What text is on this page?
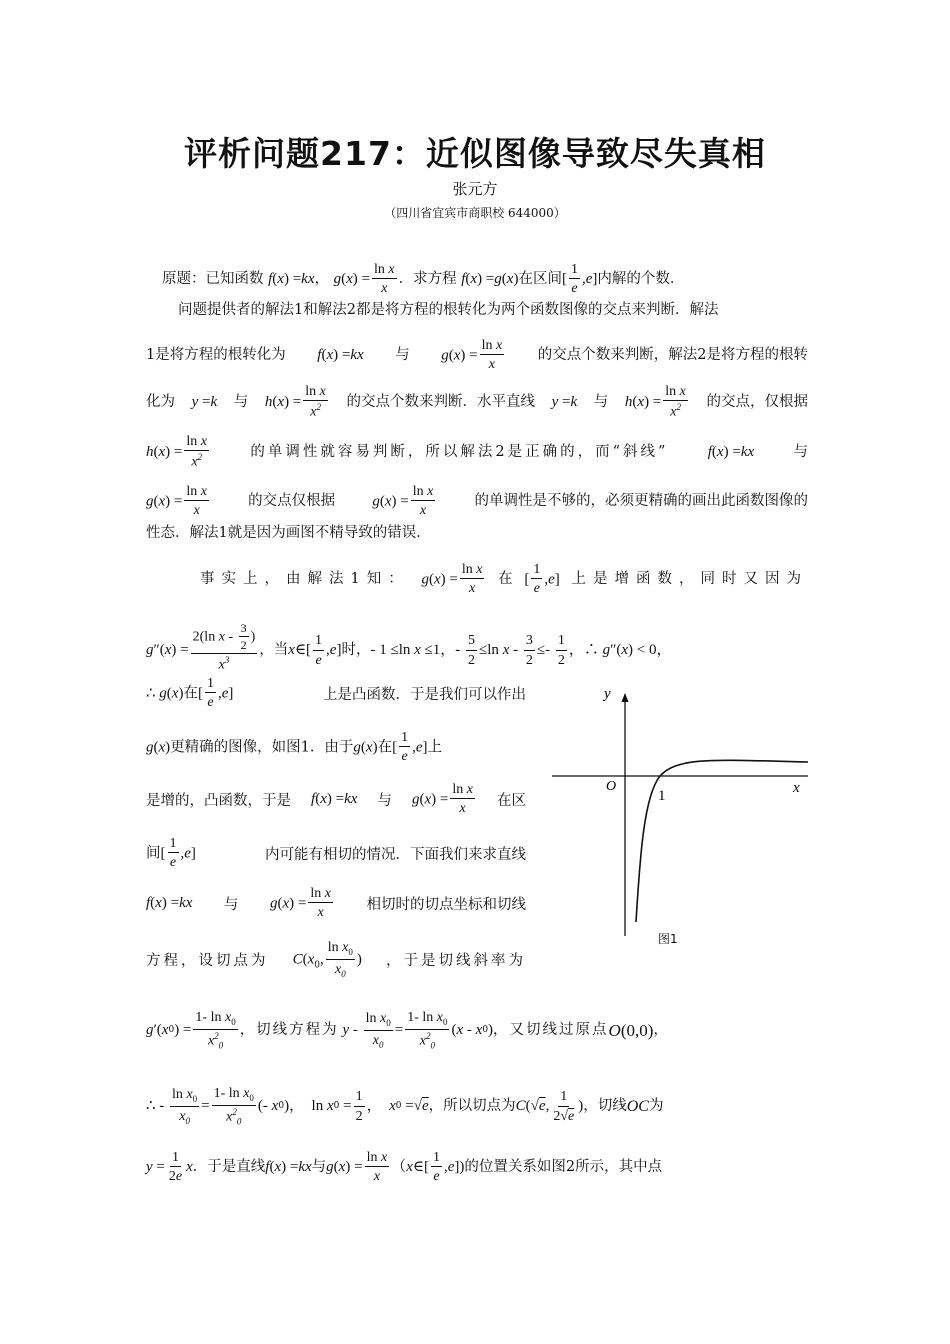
评析问题217：近似图像导致尽失真相
张元方
（四川省宜宾市商职校 644000）
原题：已知函数 f ( x ) = kx ， g ( x ) = $\frac{\text{ln x}}{x}$ ．求方程 f ( x ) = g ( x ) 在区间 [ $\frac{1}{e}$ , e ] 内解的个数．
问题提供者的解法1和解法2都是将方程的根转化为两个函数图像的交点来判断．解法
1是将方程的根转化为 f(x) =kx 与 $g(x) = \frac{\text{ln x}}{x}$ 的交点个数来判断，解法2是将方程的根转
化为 y =k 与 $h(x) = \frac{\text{ln x}}{x^2}$ 的交点个数来判断．水平直线 y =k 与 $h(x) = \frac{\text{ln x}}{x^2}$ 的交点，仅根据
$h(x) = \frac{\text{ln x}}{x^2}$	的单调性就容易判断，所以解法2是正确的，而“斜线”	f(x) =kx	与
$g(x) = \frac{\text{ln x}}{x}$	的交点仅根据 $g(x) = \frac{\text{ln x}}{x}$	的单调性是不够的，必须更精确的画出此函数图像的
性态．解法1就是因为画图不精导致的错误．
事实上，由解法1知： $g(x) = \frac{\text{ln x}}{x}$ 在 [ $\frac{1}{e} ,e$] 上是增函数，同时又因为
$g''(x) = \frac{2(\ln x - \frac{3}{2} )}{x^3}$ ，当 x ∈[ $\frac{1}{e}$ , e ] 时， - 1 ≤ln x ≤1，- $\frac{5}{2} \le\ln$ $x - \frac{3}{2} \le- \frac{1}{2}$ ，∴ g ″( x ) < 0，
∴ g(x)在[ $\frac{1}{e} ,e$]	上是凸函数．于是我们可以作出
g(x)更精确的图像，如图1．由于g(x)在[ $\frac{1}{e} ,e$]上
是增的，凸函数，于是 f(x) =kx 与 $g(x) = \frac{\text{ln x}}{x}$ 在区
间[ $\frac{1}{e} ,e$]	内可能有相切的情况．下面我们来求直线
f(x) =kx 与 $g(x) = \frac{\text{ln x}}{x}$ 相切时的切点坐标和切线
方程，设切点为 $C(x_0$, $\frac{\ln x_0}{x_0}$ ) ，于是切线斜率为
y
x
O
1
图1
g ′( x 0 ) = $\frac{1- \ln x_0}{x^2_0}$ ，切线方程为 $y - \frac{\ln x_0}{x_0} = \frac{1- \ln x_0}{x^2_0}$ ( x - x 0 ) ，又切线过原点 O (0,0) ，
∴ - $\frac{\ln x_0}{x_0} = \frac{1- \ln x_0}{x^2_0}$ (- x 0 )，  ln x $0 = \frac{1}{2}$ ， x 0 =√ e ，所以切点为 C (√ e , $\frac{1}{2√e}$ ) ，切线 OC 为
$y = \frac{1}{2e}$ x ．于是直线 f ( x ) = kx 与 g ( x ) = $\frac{\text{ln x}}{x}$ （ x ∈[ $\frac{1}{e}$ , e ]) 的位置关系如图2所示，其中点
